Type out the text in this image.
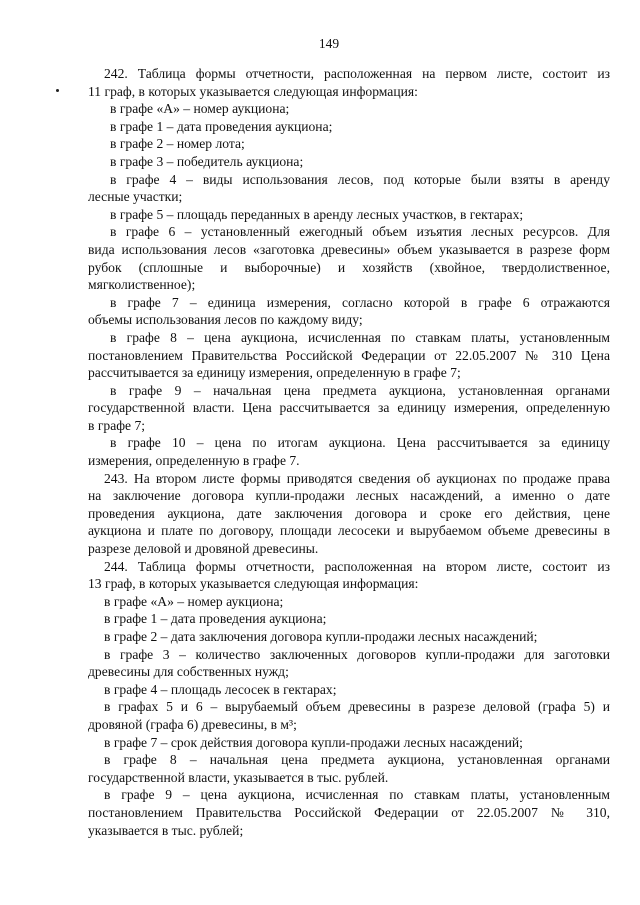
149

242. Таблица формы отчетности, расположенная на первом листе, состоит из

11 граф, в которых указывается следующая информация:

в графе «А» – номер аукциона;

в графе 1 – дата проведения аукциона;

в графе 2 – номер лота;

в графе 3 – победитель аукциона;

в графе 4 – виды использования лесов, под которые были взяты в аренду

лесные участки;

в графе 5 – площадь переданных в аренду лесных участков, в гектарах;

в графе 6 – установленный ежегодный объем изъятия лесных ресурсов. Для

вида использования лесов «заготовка древесины» объем указывается в разрезе форм

рубок (сплошные и выборочные) и хозяйств (хвойное, твердолиственное,

мягколиственное);

в графе 7 – единица измерения, согласно которой в графе 6 отражаются

объемы использования лесов по каждому виду;

в графе 8 – цена аукциона, исчисленная по ставкам платы, установленным

постановлением Правительства Российской Федерации от 22.05.2007 № 310 Цена

рассчитывается за единицу измерения, определенную в графе 7;

в графе 9 – начальная цена предмета аукциона, установленная органами

государственной власти. Цена рассчитывается за единицу измерения, определенную

в графе 7;

в графе 10 – цена по итогам аукциона. Цена рассчитывается за единицу

измерения, определенную в графе 7.

243. На втором листе формы приводятся сведения об аукционах по продаже права

на заключение договора купли-продажи лесных насаждений, а именно о дате

проведения аукциона, дате заключения договора и сроке его действия, цене

аукциона и плате по договору, площади лесосеки и вырубаемом объеме древесины в

разрезе деловой и дровяной древесины.

244. Таблица формы отчетности, расположенная на втором листе, состоит из

13 граф, в которых указывается следующая информация:

в графе «А» – номер аукциона;

в графе 1 – дата проведения аукциона;

в графе 2 – дата заключения договора купли-продажи лесных насаждений;

в графе 3 – количество заключенных договоров купли-продажи для заготовки

древесины для собственных нужд;

в графе 4 – площадь лесосек в гектарах;

в графах 5 и 6 – вырубаемый объем древесины в разрезе деловой (графа 5) и

дровяной (графа 6) древесины, в м³;

в графе 7 – срок действия договора купли-продажи лесных насаждений;

в графе 8 – начальная цена предмета аукциона, установленная органами

государственной власти, указывается в тыс. рублей.

в графе 9 – цена аукциона, исчисленная по ставкам платы, установленным

постановлением Правительства Российской Федерации от 22.05.2007 № 310,

указывается в тыс. рублей;
